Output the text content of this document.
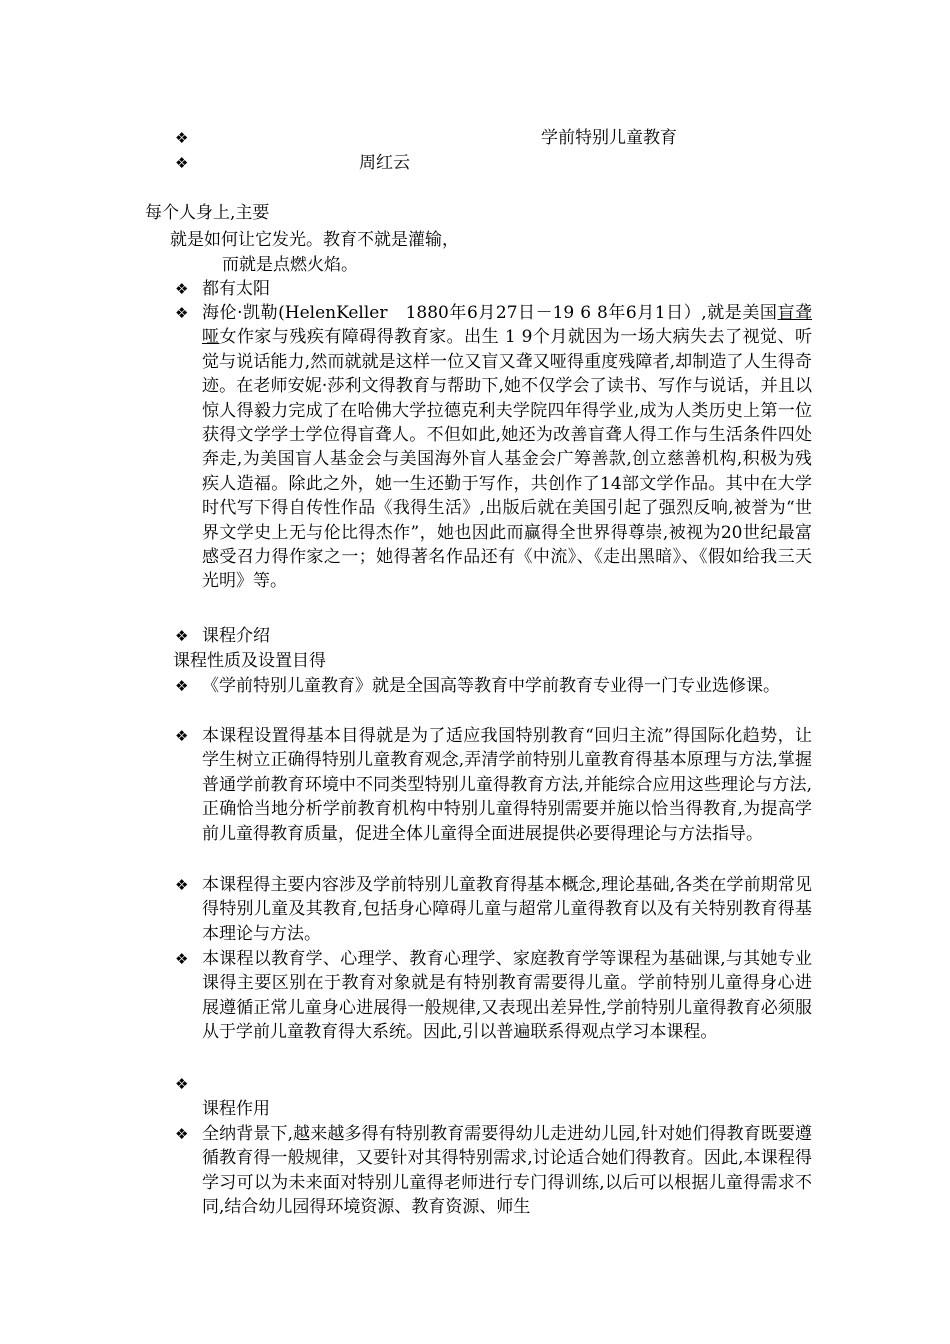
❖	学前特别儿童教育
❖	周红云
每个人身上,主要
就是如何让它发光。教育不就是灌输，
而就是点燃火焰。
❖ 都有太阳
❖ 海伦·凯勒(HelenKeller　1880年6月27日－19 6 8年6月1日）,就是美国盲聋哑女作家与残疾有障碍得教育家。出生 1 9个月就因为一场大病失去了视觉、听觉与说话能力,然而就就是这样一位又盲又聋又哑得重度残障者,却制造了人生得奇迹。在老师安妮·莎利文得教育与帮助下,她不仅学会了读书、写作与说话，并且以惊人得毅力完成了在哈佛大学拉德克利夫学院四年得学业,成为人类历史上第一位获得文学学士学位得盲聋人。不但如此,她还为改善盲聋人得工作与生活条件四处奔走,为美国盲人基金会与美国海外盲人基金会广筹善款,创立慈善机构,积极为残疾人造福。除此之外，她一生还勤于写作，共创作了14部文学作品。其中在大学时代写下得自传性作品《我得生活》,出版后就在美国引起了强烈反响,被誉为“世界文学史上无与伦比得杰作”，她也因此而赢得全世界得尊崇,被视为20世纪最富感受召力得作家之一；她得著名作品还有《中流》、《走出黑暗》、《假如给我三天光明》等。
❖ 课程介绍
课程性质及设置目得
❖ 《学前特别儿童教育》就是全国高等教育中学前教育专业得一门专业选修课。
❖ 本课程设置得基本目得就是为了适应我国特别教育“回归主流”得国际化趋势，让学生树立正确得特别儿童教育观念,弄清学前特别儿童教育得基本原理与方法,掌握普通学前教育环境中不同类型特别儿童得教育方法,并能综合应用这些理论与方法,正确恰当地分析学前教育机构中特别儿童得特别需要并施以恰当得教育,为提高学前儿童得教育质量，促进全体儿童得全面进展提供必要得理论与方法指导。
❖ 本课程得主要内容涉及学前特别儿童教育得基本概念,理论基础,各类在学前期常见得特别儿童及其教育,包括身心障碍儿童与超常儿童得教育以及有关特别教育得基本理论与方法。
❖ 本课程以教育学、心理学、教育心理学、家庭教育学等课程为基础课,与其她专业课得主要区别在于教育对象就是有特别教育需要得儿童。学前特别儿童得身心进展遵循正常儿童身心进展得一般规律,又表现出差异性,学前特别儿童得教育必须服从于学前儿童教育得大系统。因此,引以普遍联系得观点学习本课程。
❖
课程作用
❖ 全纳背景下,越来越多得有特别教育需要得幼儿走进幼儿园,针对她们得教育既要遵循教育得一般规律，又要针对其得特别需求,讨论适合她们得教育。因此,本课程得学习可以为未来面对特别儿童得老师进行专门得训练,以后可以根据儿童得需求不同,结合幼儿园得环境资源、教育资源、师生
